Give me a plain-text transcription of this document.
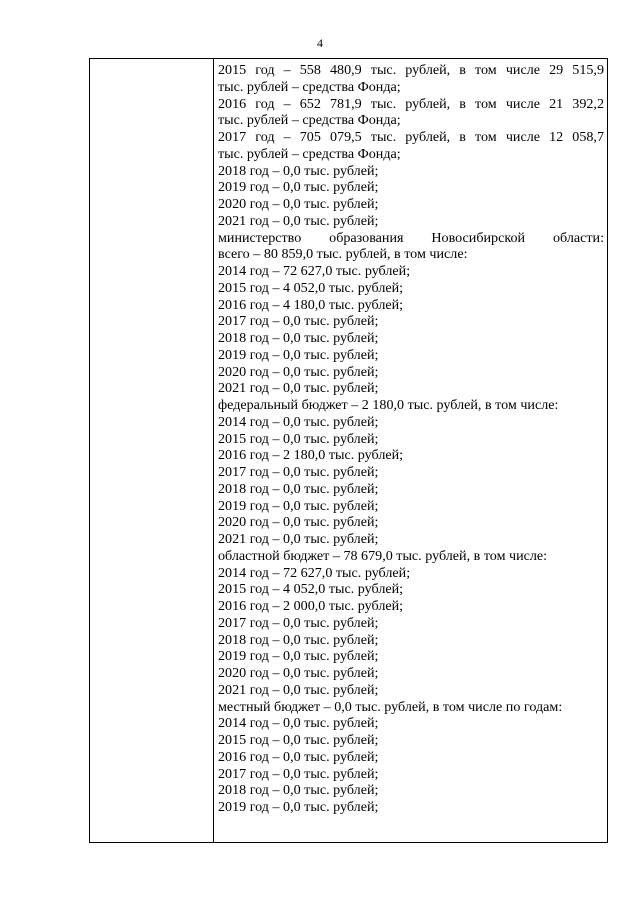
4

2015 год – 558 480,9 тыс. рублей, в том числе 29 515,9
тыс. рублей – средства Фонда;
2016 год – 652 781,9 тыс. рублей, в том числе 21 392,2
тыс. рублей – средства Фонда;
2017 год – 705 079,5 тыс. рублей, в том числе 12 058,7
тыс. рублей – средства Фонда;
2018 год – 0,0 тыс. рублей;
2019 год – 0,0 тыс. рублей;
2020 год – 0,0 тыс. рублей;
2021 год – 0,0 тыс. рублей;
министерство образования Новосибирской области:
всего – 80 859,0 тыс. рублей, в том числе:
2014 год – 72 627,0 тыс. рублей;
2015 год – 4 052,0 тыс. рублей;
2016 год – 4 180,0 тыс. рублей;
2017 год – 0,0 тыс. рублей;
2018 год – 0,0 тыс. рублей;
2019 год – 0,0 тыс. рублей;
2020 год – 0,0 тыс. рублей;
2021 год – 0,0 тыс. рублей;
федеральный бюджет – 2 180,0 тыс. рублей, в том числе:
2014 год – 0,0 тыс. рублей;
2015 год – 0,0 тыс. рублей;
2016 год – 2 180,0 тыс. рублей;
2017 год – 0,0 тыс. рублей;
2018 год – 0,0 тыс. рублей;
2019 год – 0,0 тыс. рублей;
2020 год – 0,0 тыс. рублей;
2021 год – 0,0 тыс. рублей;
областной бюджет – 78 679,0 тыс. рублей, в том числе:
2014 год – 72 627,0 тыс. рублей;
2015 год – 4 052,0 тыс. рублей;
2016 год – 2 000,0 тыс. рублей;
2017 год – 0,0 тыс. рублей;
2018 год – 0,0 тыс. рублей;
2019 год – 0,0 тыс. рублей;
2020 год – 0,0 тыс. рублей;
2021 год – 0,0 тыс. рублей;
местный бюджет – 0,0 тыс. рублей, в том числе по годам:
2014 год – 0,0 тыс. рублей;
2015 год – 0,0 тыс. рублей;
2016 год – 0,0 тыс. рублей;
2017 год – 0,0 тыс. рублей;
2018 год – 0,0 тыс. рублей;
2019 год – 0,0 тыс. рублей;
